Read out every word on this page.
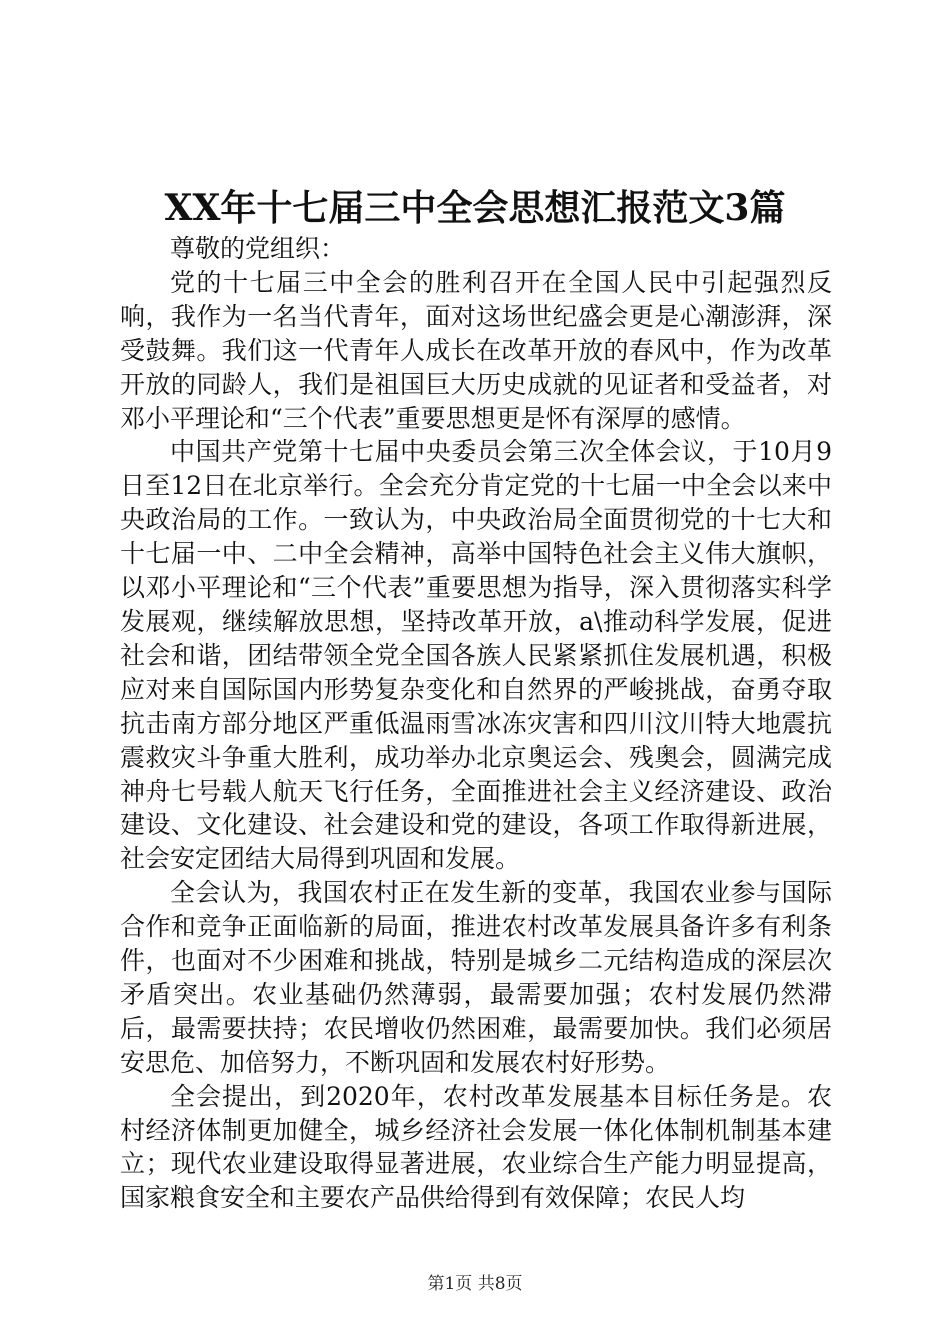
XX年十七届三中全会思想汇报范文3篇

尊敬的党组织：

党的十七届三中全会的胜利召开在全国人民中引起强烈反响，我作为一名当代青年，面对这场世纪盛会更是心潮澎湃，深受鼓舞。我们这一代青年人成长在改革开放的春风中，作为改革开放的同龄人，我们是祖国巨大历史成就的见证者和受益者，对邓小平理论和“三个代表”重要思想更是怀有深厚的感情。

中国共产党第十七届中央委员会第三次全体会议，于10月9日至12日在北京举行。全会充分肯定党的十七届一中全会以来中央政治局的工作。一致认为，中央政治局全面贯彻党的十七大和十七届一中、二中全会精神，高举中国特色社会主义伟大旗帜，以邓小平理论和“三个代表”重要思想为指导，深入贯彻落实科学发展观，继续解放思想，坚持改革开放，a\推动科学发展，促进社会和谐，团结带领全党全国各族人民紧紧抓住发展机遇，积极应对来自国际国内形势复杂变化和自然界的严峻挑战，奋勇夺取抗击南方部分地区严重低温雨雪冰冻灾害和四川汶川特大地震抗震救灾斗争重大胜利，成功举办北京奥运会、残奥会，圆满完成神舟七号载人航天飞行任务，全面推进社会主义经济建设、政治建设、文化建设、社会建设和党的建设，各项工作取得新进展，社会安定团结大局得到巩固和发展。

全会认为，我国农村正在发生新的变革，我国农业参与国际合作和竞争正面临新的局面，推进农村改革发展具备许多有利条件，也面对不少困难和挑战，特别是城乡二元结构造成的深层次矛盾突出。农业基础仍然薄弱，最需要加强；农村发展仍然滞后，最需要扶持；农民增收仍然困难，最需要加快。我们必须居安思危、加倍努力，不断巩固和发展农村好形势。

全会提出，到2020年，农村改革发展基本目标任务是。农村经济体制更加健全，城乡经济社会发展一体化体制机制基本建立；现代农业建设取得显著进展，农业综合生产能力明显提高，国家粮食安全和主要农产品供给得到有效保障；农民人均

第1页 共8页
